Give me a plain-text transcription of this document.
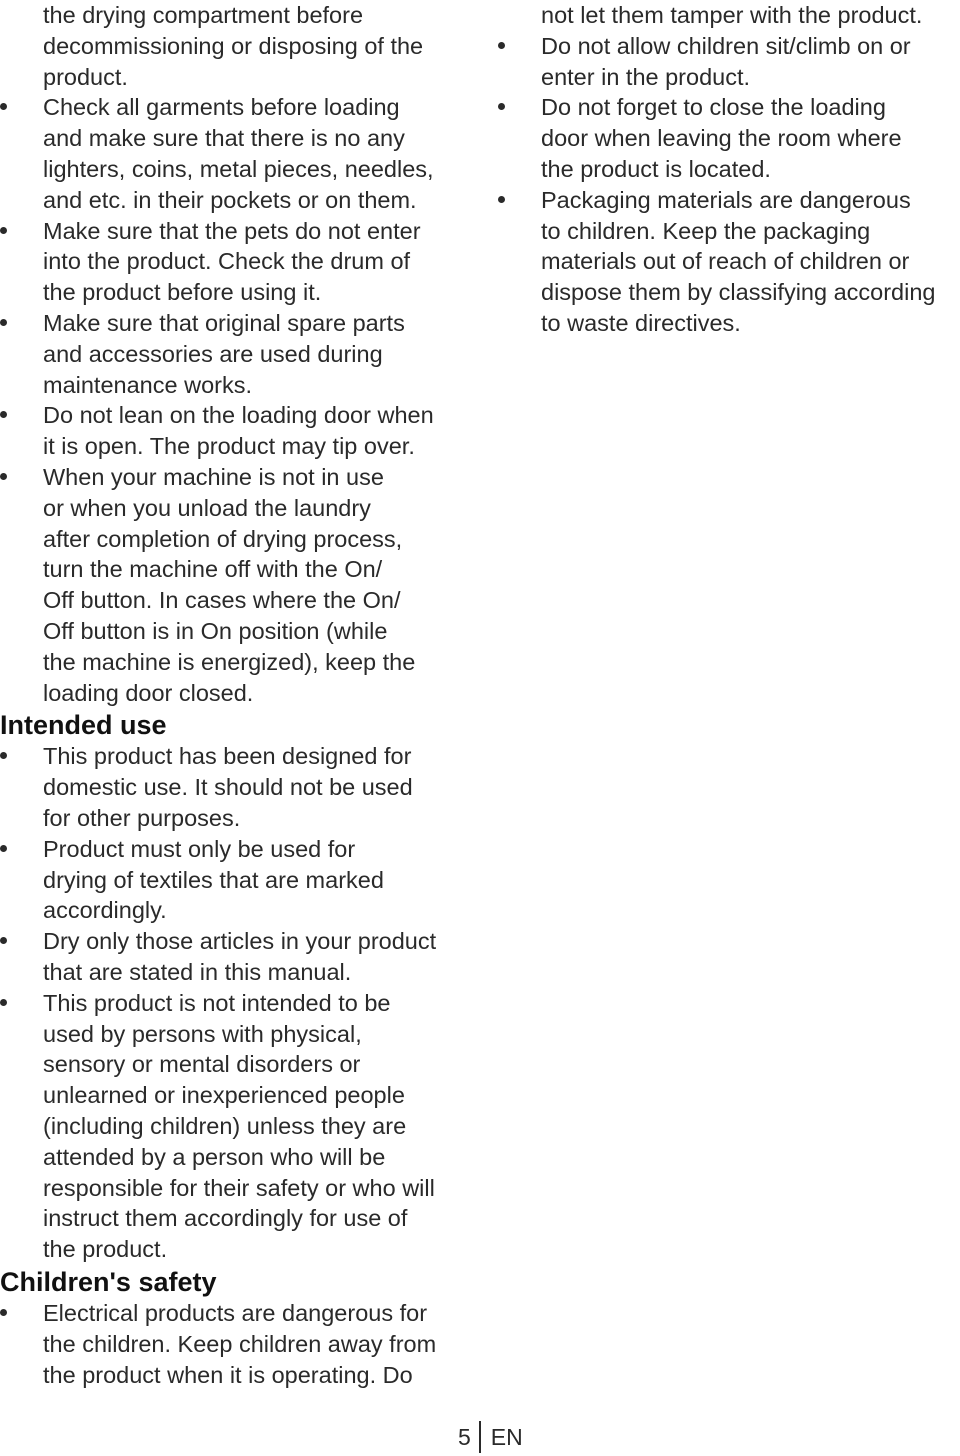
the drying compartment before
decommissioning or disposing of the
product.
Check all garments before loading
and make sure that there is no any
lighters, coins, metal pieces, needles,
and etc. in their pockets or on them.
Make sure that the pets do not enter
into the product. Check the drum of
the product before using it.
Make sure that original spare parts
and accessories are used during
maintenance works.
Do not lean on the loading door when
it is open. The product may tip over.
When your machine is not in use
or when you unload the laundry
after completion of drying process,
turn the machine off with the On/
Off button. In cases where the On/
Off button is in On position (while
the machine is energized), keep the
loading door closed.
Intended use
This product has been designed for
domestic use. It should not be used
for other purposes.
Product must only be used for
drying of textiles that are marked
accordingly.
Dry only those articles in your product
that are stated in this manual.
This product is not intended to be
used by persons with physical,
sensory or mental disorders or
unlearned or inexperienced people
(including children) unless they are
attended by a person who will be
responsible for their safety or who will
instruct them accordingly for use of
the product.
Children's safety
Electrical products are dangerous for
the children. Keep children away from
the product when it is operating. Do
not let them tamper with the product.
Do not allow children sit/climb on or
enter in the product.
Do not forget to close the loading
door when leaving the room where
the product is located.
Packaging materials are dangerous
to children. Keep the packaging
materials out of reach of children or
dispose them by classifying according
to waste directives.
5 EN
